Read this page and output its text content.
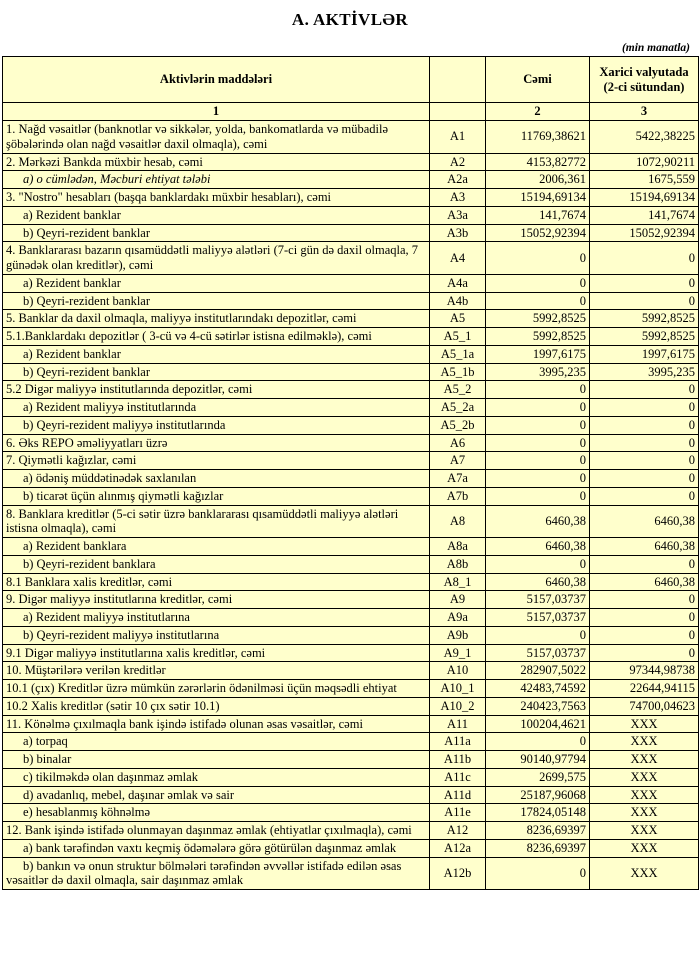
A. AKTİVLƏR
(min manatla)
Aktivlərin maddələri		Cəmi	Xarici valyutada (2-ci sütundan)
1		2	3
1. Nağd vəsaitlər (banknotlar və sikkələr, yolda, bankomatlarda və mübadilə şöbələrində olan nağd vəsaitlər daxil olmaqla), cəmi	A1	11769,38621	5422,38225
2. Mərkəzi Bankda müxbir hesab, cəmi	A2	4153,82772	1072,90211
a) o cümlədən, Məcburi ehtiyat tələbi	A2a	2006,361	1675,559
3. "Nostro" hesabları (başqa banklardakı müxbir hesabları), cəmi	A3	15194,69134	15194,69134
a) Rezident banklar	A3a	141,7674	141,7674
b) Qeyri-rezident banklar	A3b	15052,92394	15052,92394
4. Banklararası bazarın qısamüddətli maliyyə alətləri (7-ci gün də daxil olmaqla, 7 günədək olan kreditlər), cəmi	A4	0	0
a) Rezident banklar	A4a	0	0
b) Qeyri-rezident banklar	A4b	0	0
5. Banklar da daxil olmaqla, maliyyə institutlarındakı depozitlər, cəmi	A5	5992,8525	5992,8525
5.1.Banklardakı depozitlər ( 3-cü və 4-cü sətirlər istisna edilməklə), cəmi	A5_1	5992,8525	5992,8525
a) Rezident banklar	A5_1a	1997,6175	1997,6175
b) Qeyri-rezident banklar	A5_1b	3995,235	3995,235
5.2 Digər maliyyə institutlarında depozitlər, cəmi	A5_2	0	0
a) Rezident maliyyə institutlarında	A5_2a	0	0
b) Qeyri-rezident maliyyə institutlarında	A5_2b	0	0
6. Əks REPO əməliyyatları üzrə	A6	0	0
7. Qiymətli kağızlar, cəmi	A7	0	0
a) ödəniş müddətinədək saxlanılan	A7a	0	0
b) ticarət üçün alınmış qiymətli kağızlar	A7b	0	0
8. Banklara kreditlər (5-ci sətir üzrə banklararası qısamüddətli maliyyə alətləri istisna olmaqla), cəmi	A8	6460,38	6460,38
a) Rezident banklara	A8a	6460,38	6460,38
b) Qeyri-rezident banklara	A8b	0	0
8.1 Banklara xalis kreditlər, cəmi	A8_1	6460,38	6460,38
9. Digər maliyyə institutlarına kreditlər, cəmi	A9	5157,03737	0
a) Rezident maliyyə institutlarına	A9a	5157,03737	0
b) Qeyri-rezident maliyyə institutlarına	A9b	0	0
9.1 Digər maliyyə institutlarına xalis kreditlər, cəmi	A9_1	5157,03737	0
10. Müştərilərə verilən kreditlər	A10	282907,5022	97344,98738
10.1 (çıx) Kreditlər üzrə mümkün zərərlərin ödənilməsi üçün məqsədli ehtiyat	A10_1	42483,74592	22644,94115
10.2 Xalis kreditlər (sətir 10 çıx sətir 10.1)	A10_2	240423,7563	74700,04623
11. Könəlmə çıxılmaqla bank işində istifadə olunan əsas vəsaitlər, cəmi	A11	100204,4621	XXX
a) torpaq	A11a	0	XXX
b) binalar	A11b	90140,97794	XXX
c) tikilməkdə olan daşınmaz əmlak	A11c	2699,575	XXX
d) avadanlıq, mebel, daşınar əmlak və sair	A11d	25187,96068	XXX
e) hesablanmış köhnəlmə	A11e	17824,05148	XXX
12. Bank işində istifadə olunmayan daşınmaz əmlak (ehtiyatlar çıxılmaqla), cəmi	A12	8236,69397	XXX
a) bank tərəfindən vaxtı keçmiş ödəmələrə görə götürülən daşınmaz əmlak	A12a	8236,69397	XXX
b) bankın və onun struktur bölmələri tərəfindən əvvəllər istifadə edilən əsas vəsaitlər də daxil olmaqla, sair daşınmaz əmlak	A12b	0	XXX
